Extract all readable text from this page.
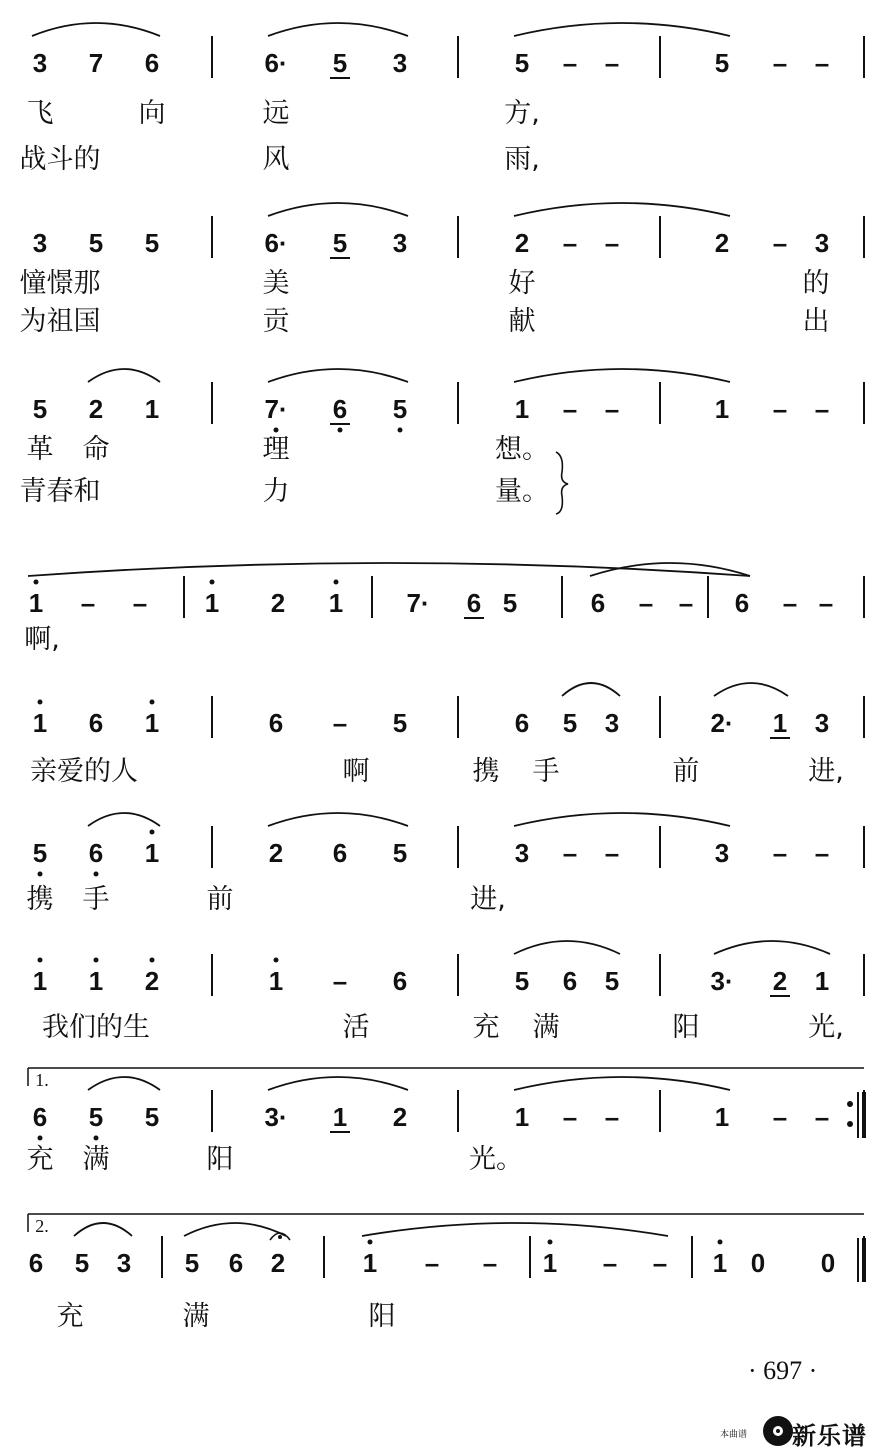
3 7 6	6· 5 3	5 – –	5 – –
飞	向	远	方,
战斗的	风	雨,
3 5 5	6· 5 3	2 – –	2 – 3
憧憬那	美	好	的
为祖国	贡	献	出
5 2 1	7· 6 5	1 – –	1 – –
革 命	理	想。
青春和	力	量。
1 – – 1 2 1 7· 6 5	6 – – 6 – –
啊,
1 6 1	6 – 5	6 5 3	2· 1 3
亲爱的人	啊	携 手	前	进,
5 6 1	2 6 5	3 – –	3 – –
携 手	前	进,
1 1 2	1 – 6	5 6 5	3· 2 1
我们的生	活	充 满	阳	光,
6 5 5	3· 1 2	1 – –	1 – –
1.
充 满	阳	光。
6 5 3 5 6 2	1 – – 1 – – 1 0 0
2.
充	满	阳
· 697 ·
本曲谱 新乐谱
